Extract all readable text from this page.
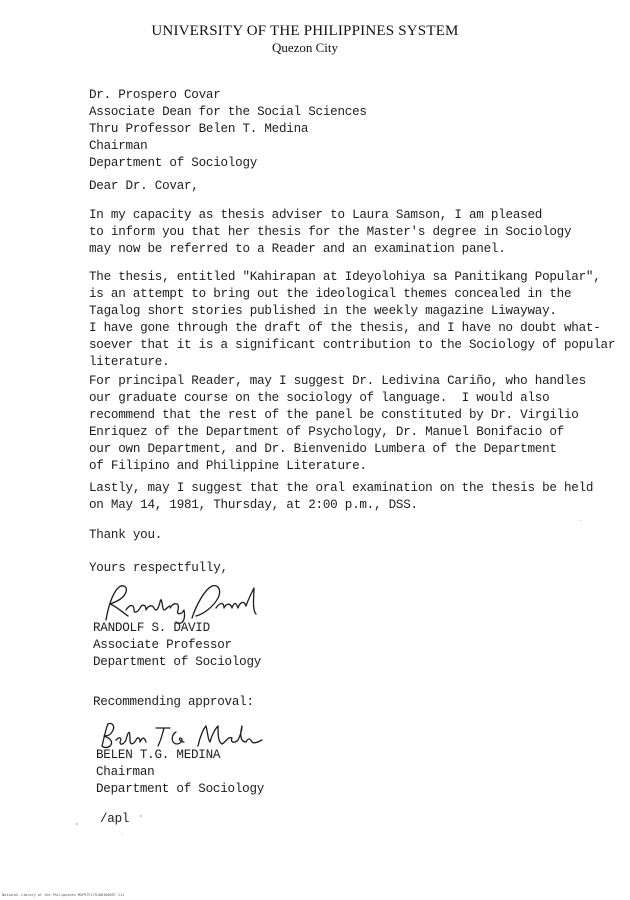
UNIVERSITY OF THE PHILIPPINES SYSTEM
Quezon City
Dr. Prospero Covar
Associate Dean for the Social Sciences
Thru Professor Belen T. Medina
Chairman
Department of Sociology
Dear Dr. Covar,
In my capacity as thesis adviser to Laura Samson, I am pleased
to inform you that her thesis for the Master's degree in Sociology
may now be referred to a Reader and an examination panel.
The thesis, entitled "Kahirapan at Ideyolohiya sa Panitikang Popular",
is an attempt to bring out the ideological themes concealed in the
Tagalog short stories published in the weekly magazine Liwayway.
I have gone through the draft of the thesis, and I have no doubt what-
soever that it is a significant contribution to the Sociology of popular
literature.
For principal Reader, may I suggest Dr. Ledivina Cariño, who handles
our graduate course on the sociology of language.  I would also
recommend that the rest of the panel be constituted by Dr. Virgilio
Enriquez of the Department of Psychology, Dr. Manuel Bonifacio of
our own Department, and Dr. Bienvenido Lumbera of the Department
of Filipino and Philippine Literature.
Lastly, may I suggest that the oral examination on the thesis be held
on May 14, 1981, Thursday, at 2:00 p.m., DSS.
Thank you.
Yours respectfully,
RANDOLF S. DAVID
Associate Professor
Department of Sociology
Recommending approval:
BELEN T.G. MEDINA
Chairman
Department of Sociology
/apl
National Library of the Philippines MGP97F27G100160097 111
